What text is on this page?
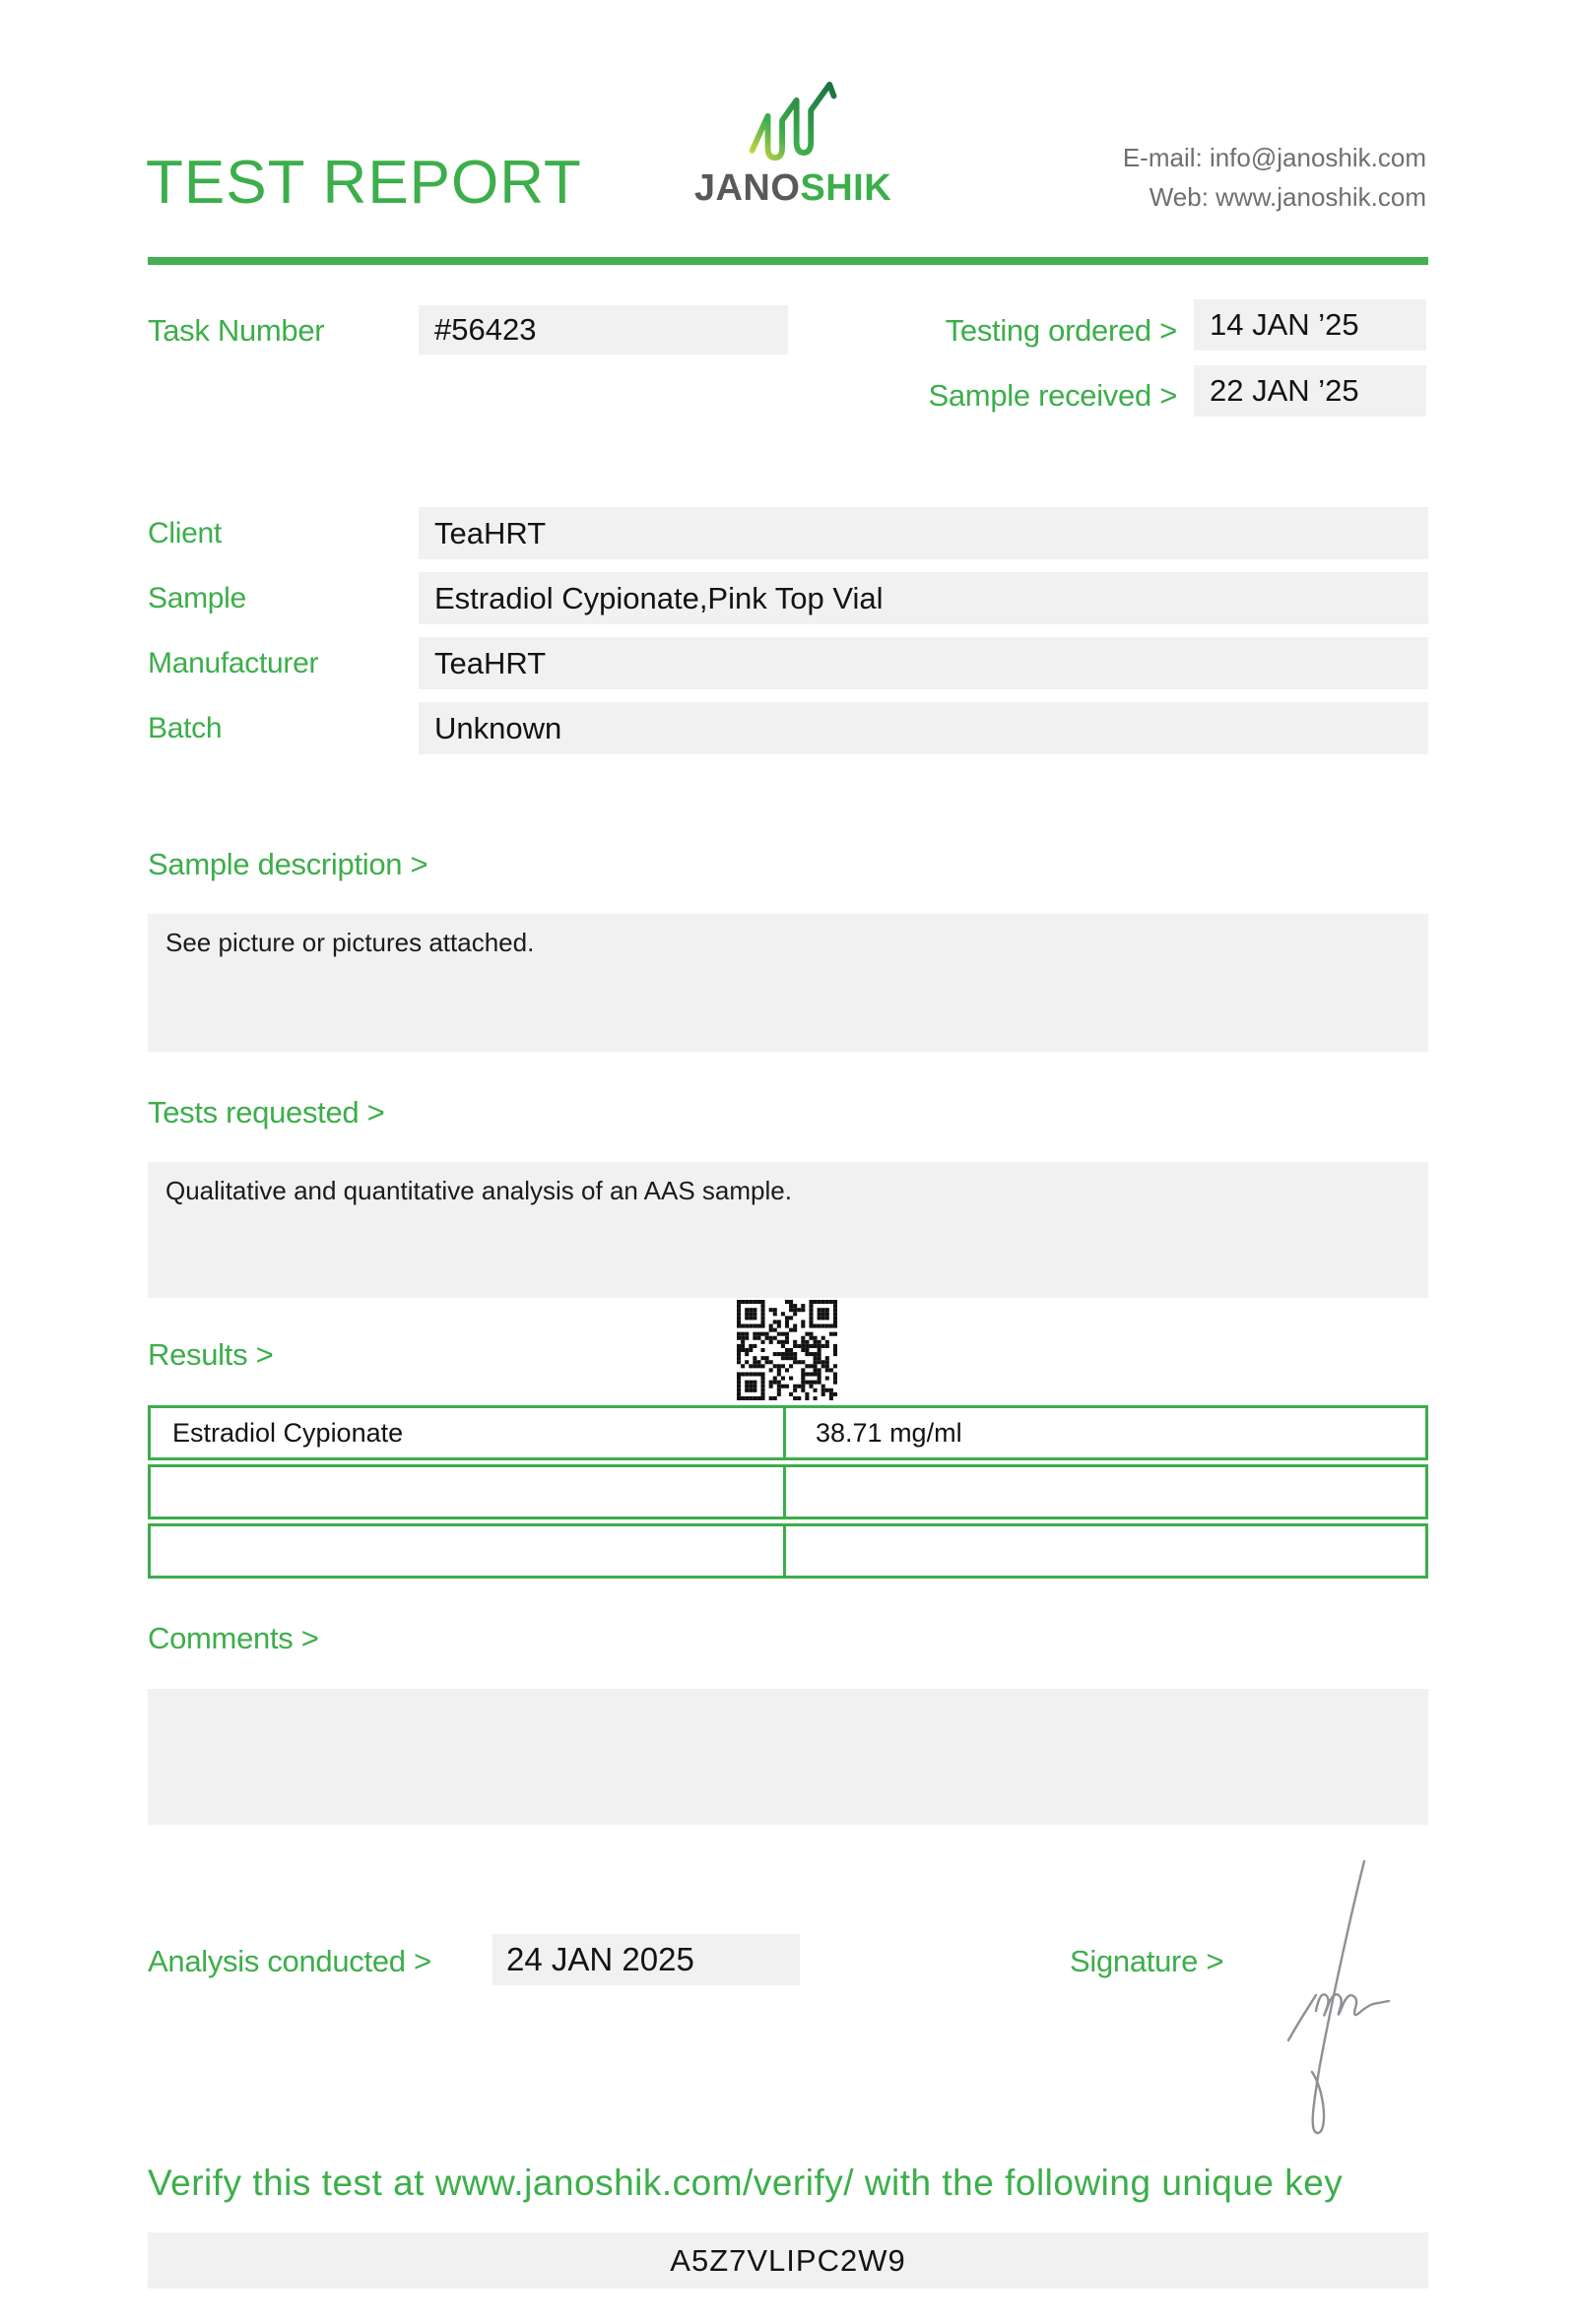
TEST REPORT	JANOSHIK
E-mail: info@janoshik.com
Web: www.janoshik.com
Task Number	#56423	Testing ordered >	14 JAN ’25
Sample received >	22 JAN ’25
Client	TeaHRT
Sample	Estradiol Cypionate,Pink Top Vial
Manufacturer	TeaHRT
Batch	Unknown
Sample description >
See picture or pictures attached.
Tests requested >
Qualitative and quantitative analysis of an AAS sample.
Results >
Estradiol Cypionate	38.71 mg/ml
Comments >
Analysis conducted >	24 JAN 2025	Signature >
Verify this test at www.janoshik.com/verify/ with the following unique key
A5Z7VLIPC2W9
